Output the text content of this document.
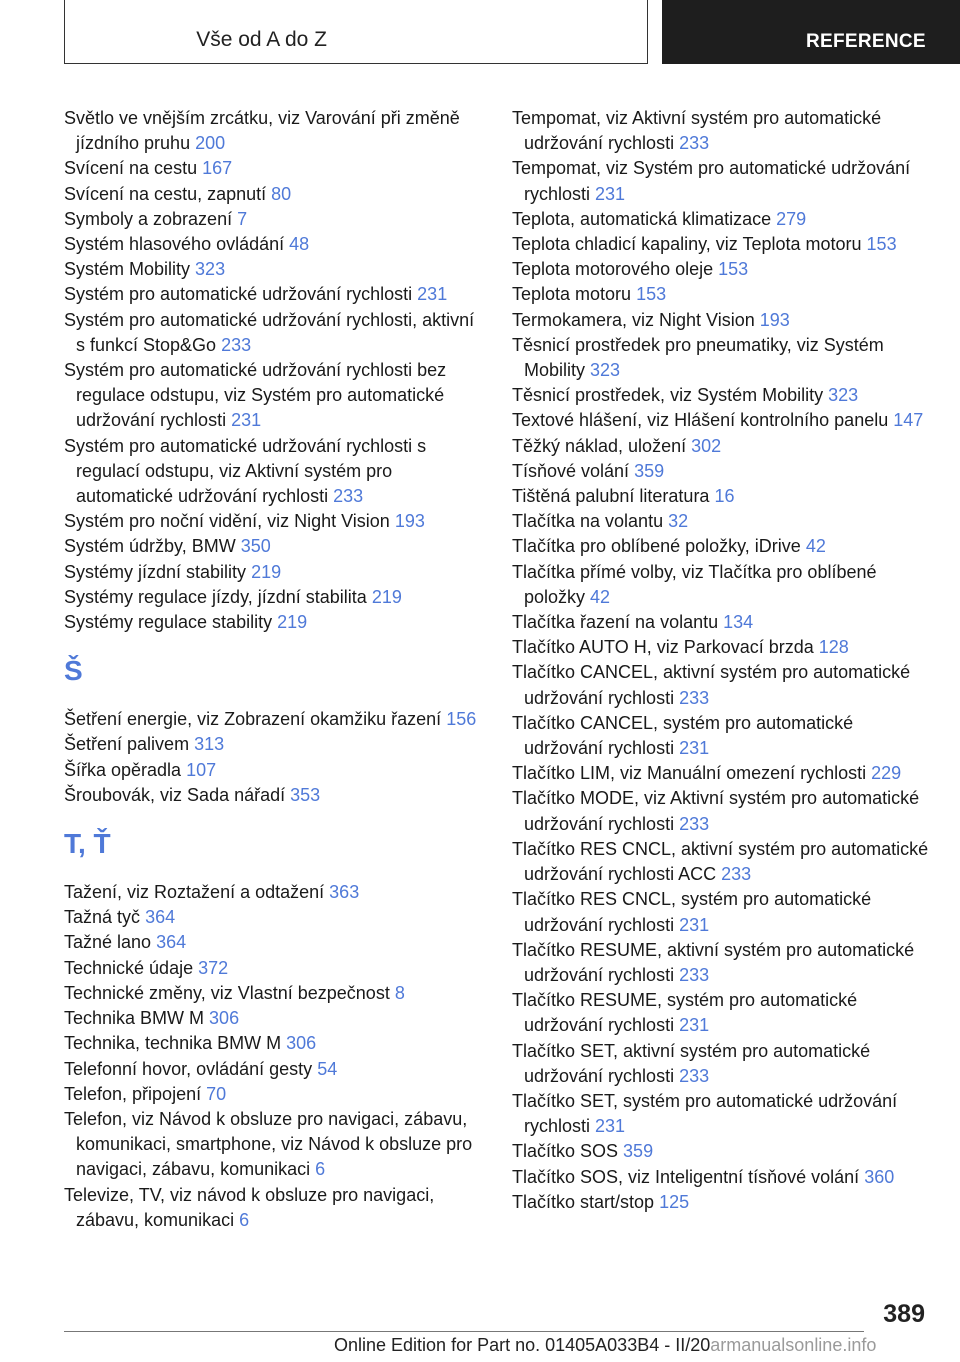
Vše od A do Z	REFERENCE

Světlo ve vnějším zrcátku, viz Varování při změně jízdního pruhu 200

Svícení na cestu 167

Svícení na cestu, zapnutí 80

Symboly a zobrazení 7

Systém hlasového ovládání 48

Systém Mobility 323

Systém pro automatické udržování rychlosti 231

Systém pro automatické udržování rychlosti, aktivní s funkcí Stop&Go 233

Systém pro automatické udržování rychlosti bez regulace odstupu, viz Systém pro automatické udržování rychlosti 231

Systém pro automatické udržování rychlosti s regulací odstupu, viz Aktivní systém pro automatické udržování rychlosti 233

Systém pro noční vidění, viz Night Vision 193

Systém údržby, BMW 350

Systémy jízdní stability 219

Systémy regulace jízdy, jízdní stabilita 219

Systémy regulace stability 219

Š

Šetření energie, viz Zobrazení okamžiku řazení 156

Šetření palivem 313

Šířka opěradla 107

Šroubovák, viz Sada nářadí 353

T, Ť

Tažení, viz Roztažení a odtažení 363

Tažná tyč 364

Tažné lano 364

Technické údaje 372

Technické změny, viz Vlastní bezpečnost 8

Technika BMW M 306

Technika, technika BMW M 306

Telefonní hovor, ovládání gesty 54

Telefon, připojení 70

Telefon, viz Návod k obsluze pro navigaci, zábavu, komunikaci, smartphone, viz Návod k obsluze pro navigaci, zábavu, komunikaci 6

Televize, TV, viz návod k obsluze pro navigaci, zábavu, komunikaci 6

Tempomat, viz Aktivní systém pro automatické udržování rychlosti 233

Tempomat, viz Systém pro automatické udržování rychlosti 231

Teplota, automatická klimatizace 279

Teplota chladicí kapaliny, viz Teplota motoru 153

Teplota motorového oleje 153

Teplota motoru 153

Termokamera, viz Night Vision 193

Těsnicí prostředek pro pneumatiky, viz Systém Mobility 323

Těsnicí prostředek, viz Systém Mobility 323

Textové hlášení, viz Hlášení kontrolního panelu 147

Těžký náklad, uložení 302

Tísňové volání 359

Tištěná palubní literatura 16

Tlačítka na volantu 32

Tlačítka pro oblíbené položky, iDrive 42

Tlačítka přímé volby, viz Tlačítka pro oblíbené položky 42

Tlačítka řazení na volantu 134

Tlačítko AUTO H, viz Parkovací brzda 128

Tlačítko CANCEL, aktivní systém pro automatické udržování rychlosti 233

Tlačítko CANCEL, systém pro automatické udržování rychlosti 231

Tlačítko LIM, viz Manuální omezení rychlosti 229

Tlačítko MODE, viz Aktivní systém pro automatické udržování rychlosti 233

Tlačítko RES CNCL, aktivní systém pro automatické udržování rychlosti ACC 233

Tlačítko RES CNCL, systém pro automatické udržování rychlosti 231

Tlačítko RESUME, aktivní systém pro automatické udržování rychlosti 233

Tlačítko RESUME, systém pro automatické udržování rychlosti 231

Tlačítko SET, aktivní systém pro automatické udržování rychlosti 233

Tlačítko SET, systém pro automatické udržování rychlosti 231

Tlačítko SOS 359

Tlačítko SOS, viz Inteligentní tísňové volání 360

Tlačítko start/stop 125

389
Online Edition for Part no. 01405A033B4 - II/20armanualsonline.info
